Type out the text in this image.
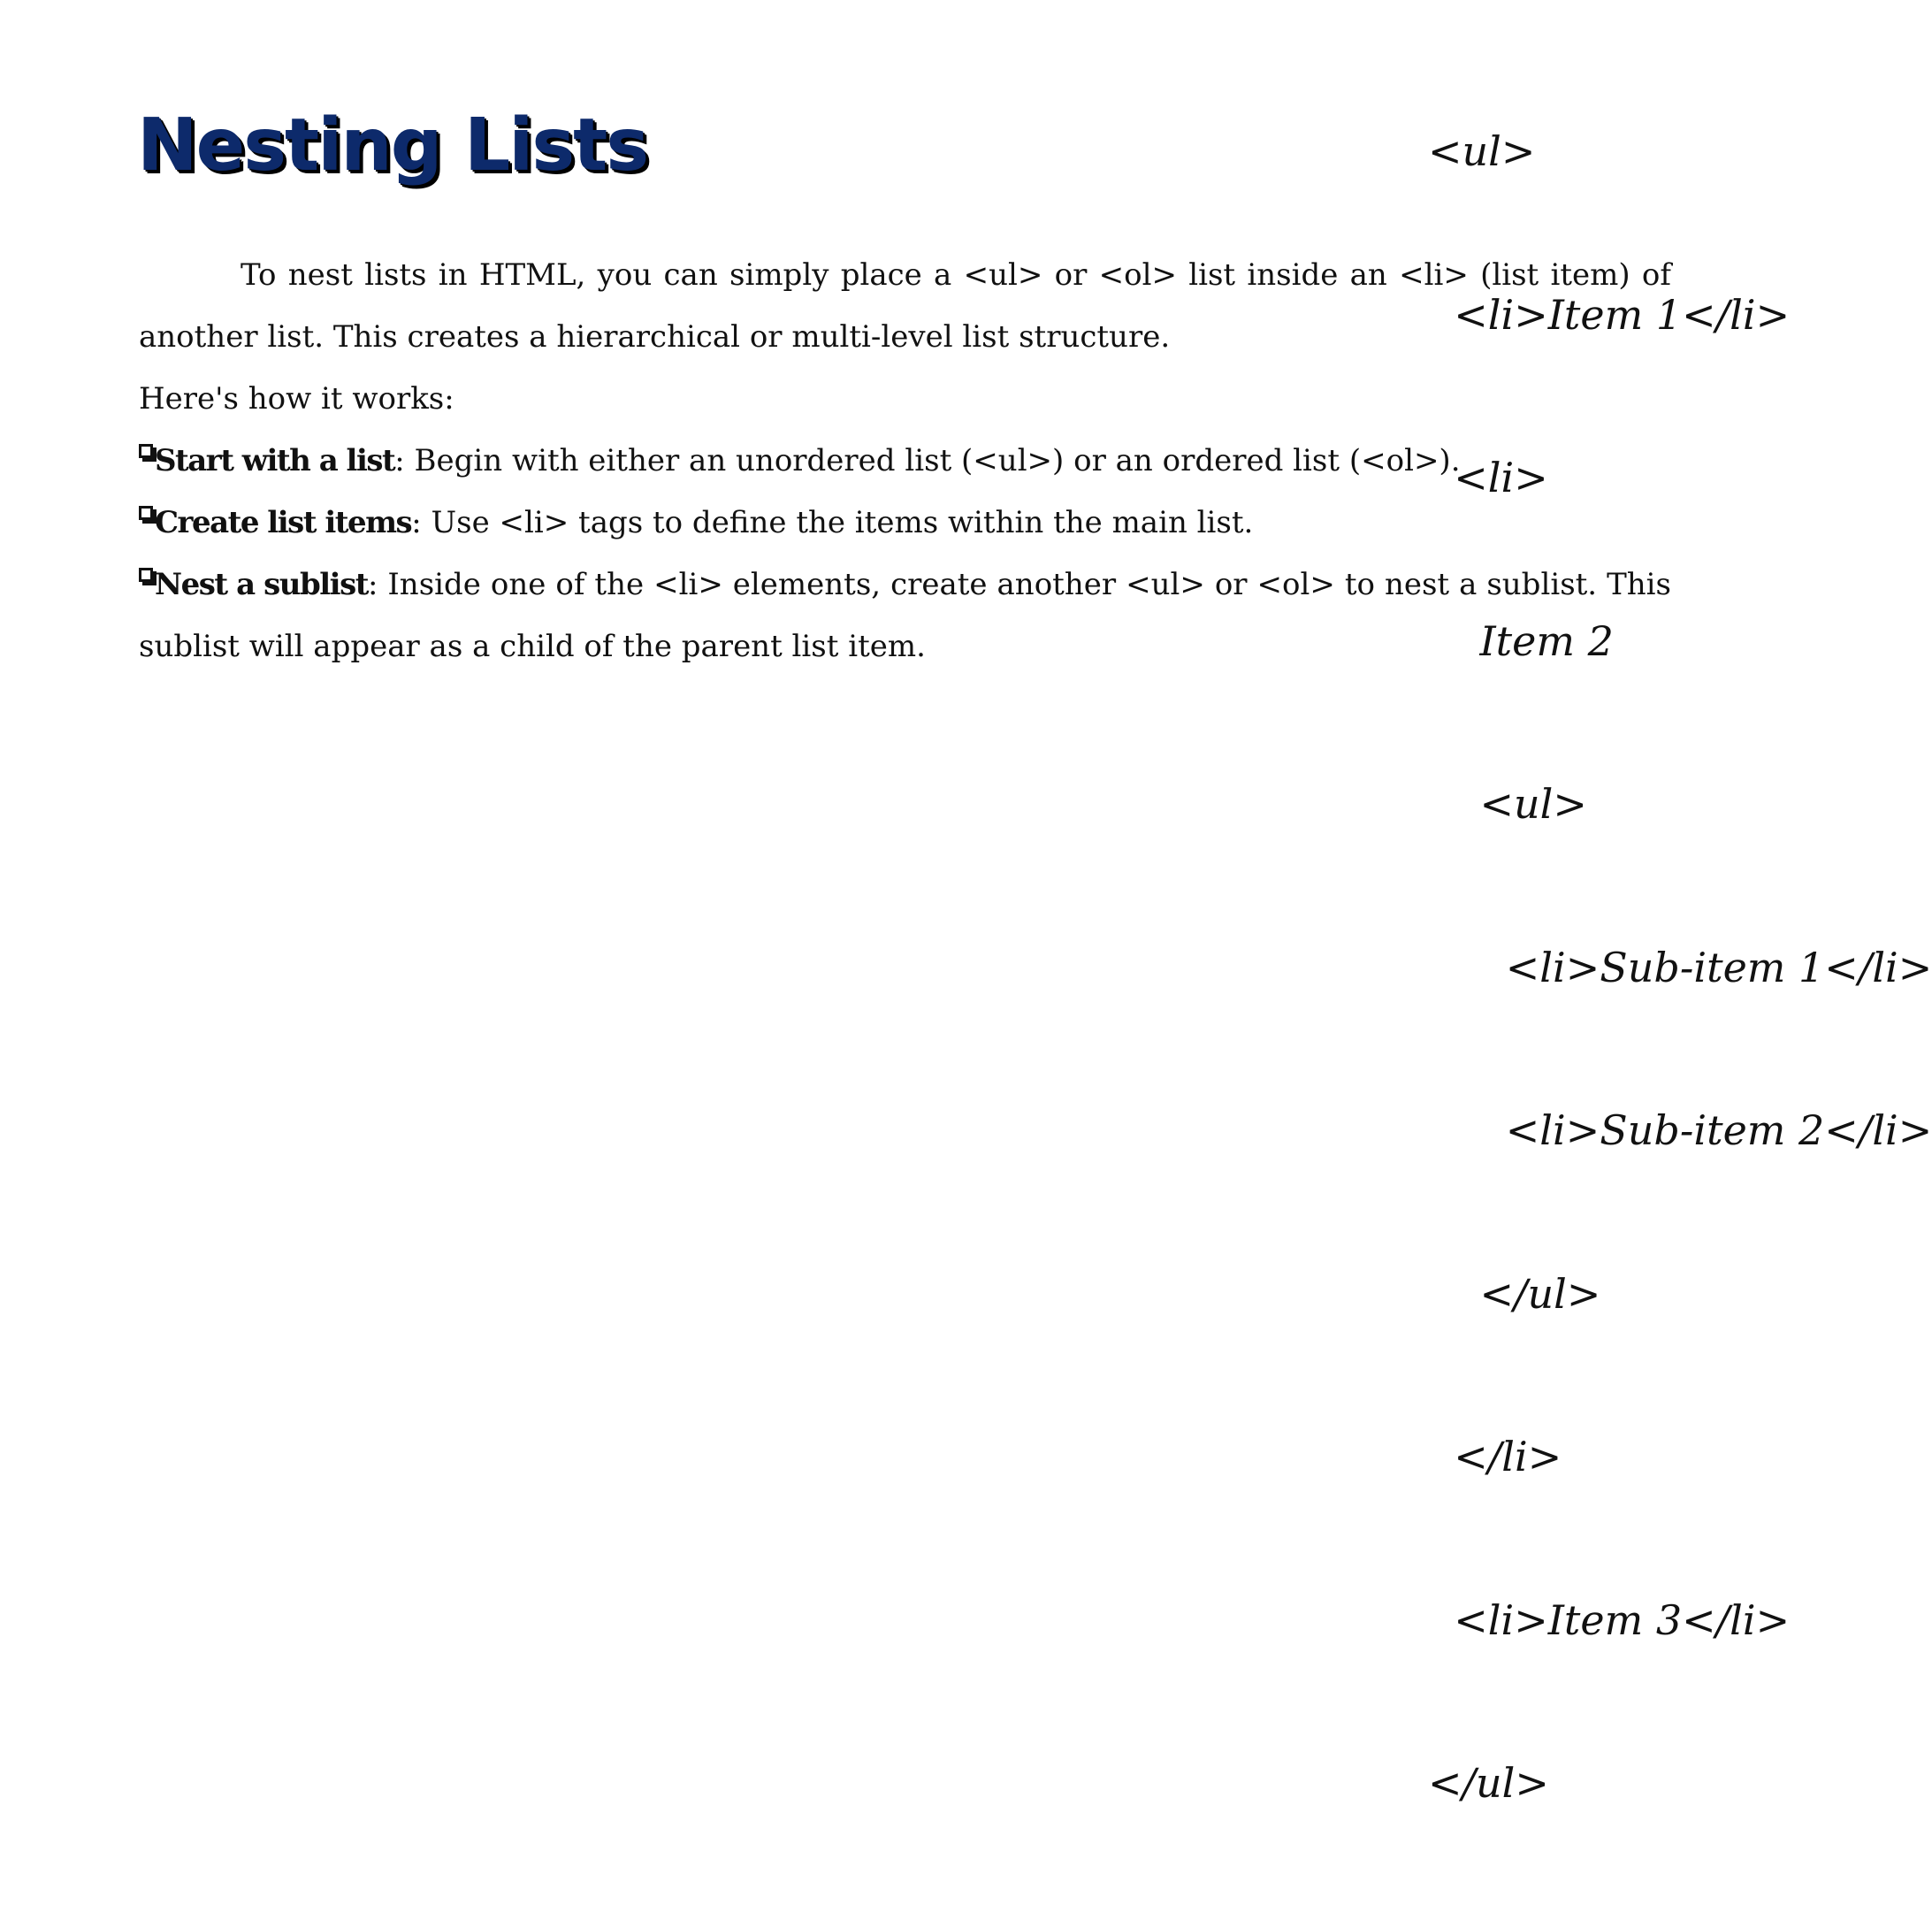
Nesting Lists

To nest lists in HTML, you can simply place a <ul> or <ol> list inside an <li> (list item) of another list. This creates a hierarchical or multi-level list structure.

Here's how it works:

Start with a list: Begin with either an unordered list (<ul>) or an ordered list (<ol>).

Create list items: Use <li> tags to define the items within the main list.

Nest a sublist: Inside one of the <li> elements, create another <ul> or <ol> to nest a sublist. This sublist will appear as a child of the parent list item.

<ul>

<li>Item 1</li>

<li>

Item 2

<ul>

<li>Sub-item 1</li>

<li>Sub-item 2</li>

</ul>

</li>

<li>Item 3</li>

</ul>
